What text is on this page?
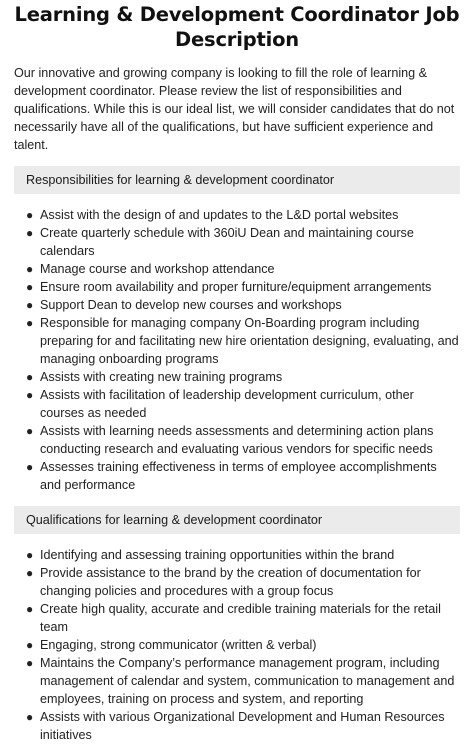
Learning & Development Coordinator Job Description

Our innovative and growing company is looking to fill the role of learning & development coordinator. Please review the list of responsibilities and qualifications. While this is our ideal list, we will consider candidates that do not necessarily have all of the qualifications, but have sufficient experience and talent.

Responsibilities for learning & development coordinator
● Assist with the design of and updates to the L&D portal websites
● Create quarterly schedule with 360iU Dean and maintaining course calendars
● Manage course and workshop attendance
● Ensure room availability and proper furniture/equipment arrangements
● Support Dean to develop new courses and workshops
● Responsible for managing company On-Boarding program including preparing for and facilitating new hire orientation designing, evaluating, and managing onboarding programs
● Assists with creating new training programs
● Assists with facilitation of leadership development curriculum, other courses as needed
● Assists with learning needs assessments and determining action plans conducting research and evaluating various vendors for specific needs
● Assesses training effectiveness in terms of employee accomplishments and performance
Qualifications for learning & development coordinator
● Identifying and assessing training opportunities within the brand
● Provide assistance to the brand by the creation of documentation for changing policies and procedures with a group focus
● Create high quality, accurate and credible training materials for the retail team
● Engaging, strong communicator (written & verbal)
● Maintains the Company’s performance management program, including management of calendar and system, communication to management and employees, training on process and system, and reporting
● Assists with various Organizational Development and Human Resources initiatives
